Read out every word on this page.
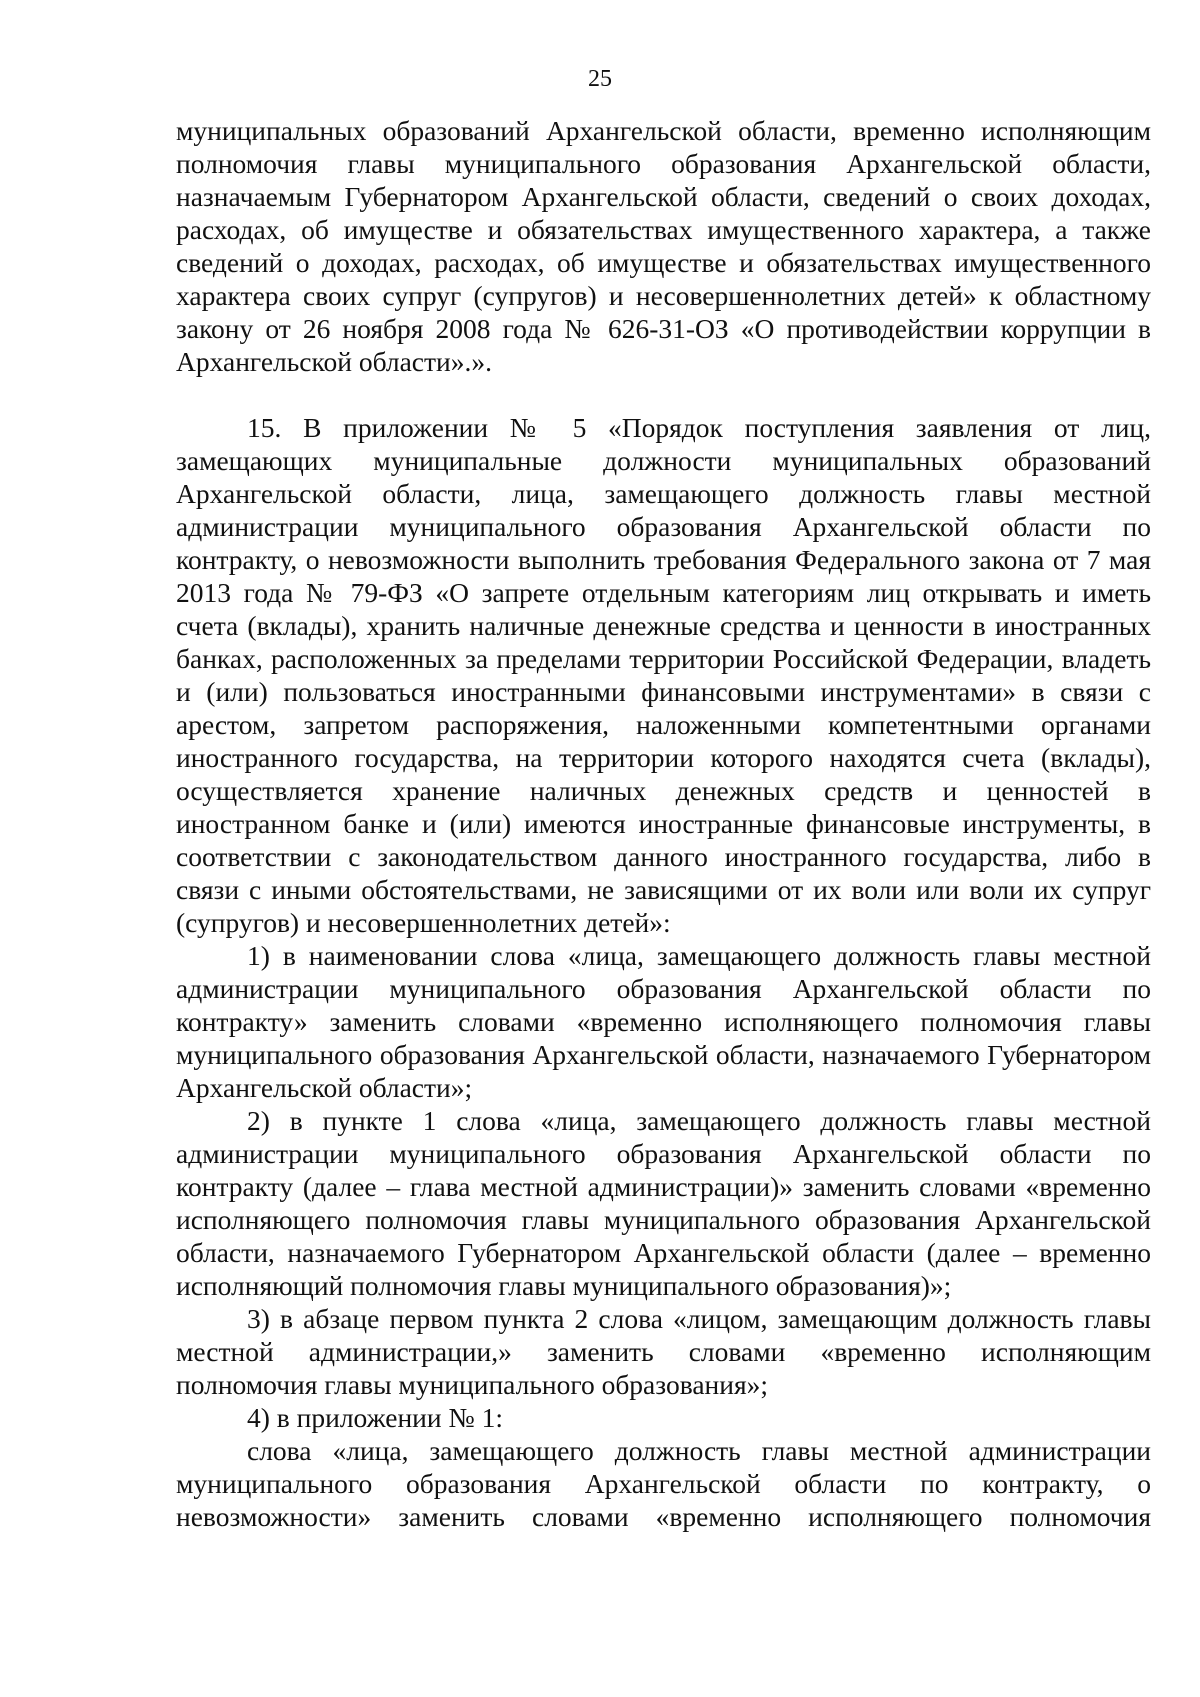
25

муниципальных образований Архангельской области, временно исполняющим полномочия главы муниципального образования Архангельской области, назначаемым Губернатором Архангельской области, сведений о своих доходах, расходах, об имуществе и обязательствах имущественного характера, а также сведений о доходах, расходах, об имуществе и обязательствах имущественного характера своих супруг (супругов) и несовершеннолетних детей» к областному закону от 26 ноября 2008 года № 626-31-ОЗ «О противодействии коррупции в Архангельской области».».

15. В приложении № 5 «Порядок поступления заявления от лиц, замещающих муниципальные должности муниципальных образований Архангельской области, лица, замещающего должность главы местной администрации муниципального образования Архангельской области по контракту, о невозможности выполнить требования Федерального закона от 7 мая 2013 года № 79-ФЗ «О запрете отдельным категориям лиц открывать и иметь счета (вклады), хранить наличные денежные средства и ценности в иностранных банках, расположенных за пределами территории Российской Федерации, владеть и (или) пользоваться иностранными финансовыми инструментами» в связи с арестом, запретом распоряжения, наложенными компетентными органами иностранного государства, на территории которого находятся счета (вклады), осуществляется хранение наличных денежных средств и ценностей в иностранном банке и (или) имеются иностранные финансовые инструменты, в соответствии с законодательством данного иностранного государства, либо в связи с иными обстоятельствами, не зависящими от их воли или воли их супруг (супругов) и несовершеннолетних детей»:

1) в наименовании слова «лица, замещающего должность главы местной администрации муниципального образования Архангельской области по контракту» заменить словами «временно исполняющего полномочия главы муниципального образования Архангельской области, назначаемого Губернатором Архангельской области»;

2) в пункте 1 слова «лица, замещающего должность главы местной администрации муниципального образования Архангельской области по контракту (далее – глава местной администрации)» заменить словами «временно исполняющего полномочия главы муниципального образования Архангельской области, назначаемого Губернатором Архангельской области (далее – временно исполняющий полномочия главы муниципального образования)»;

3) в абзаце первом пункта 2 слова «лицом, замещающим должность главы местной администрации,» заменить словами «временно исполняющим полномочия главы муниципального образования»;

4) в приложении № 1:

слова «лица, замещающего должность главы местной администрации муниципального образования Архангельской области по контракту, о невозможности» заменить словами «временно исполняющего полномочия
